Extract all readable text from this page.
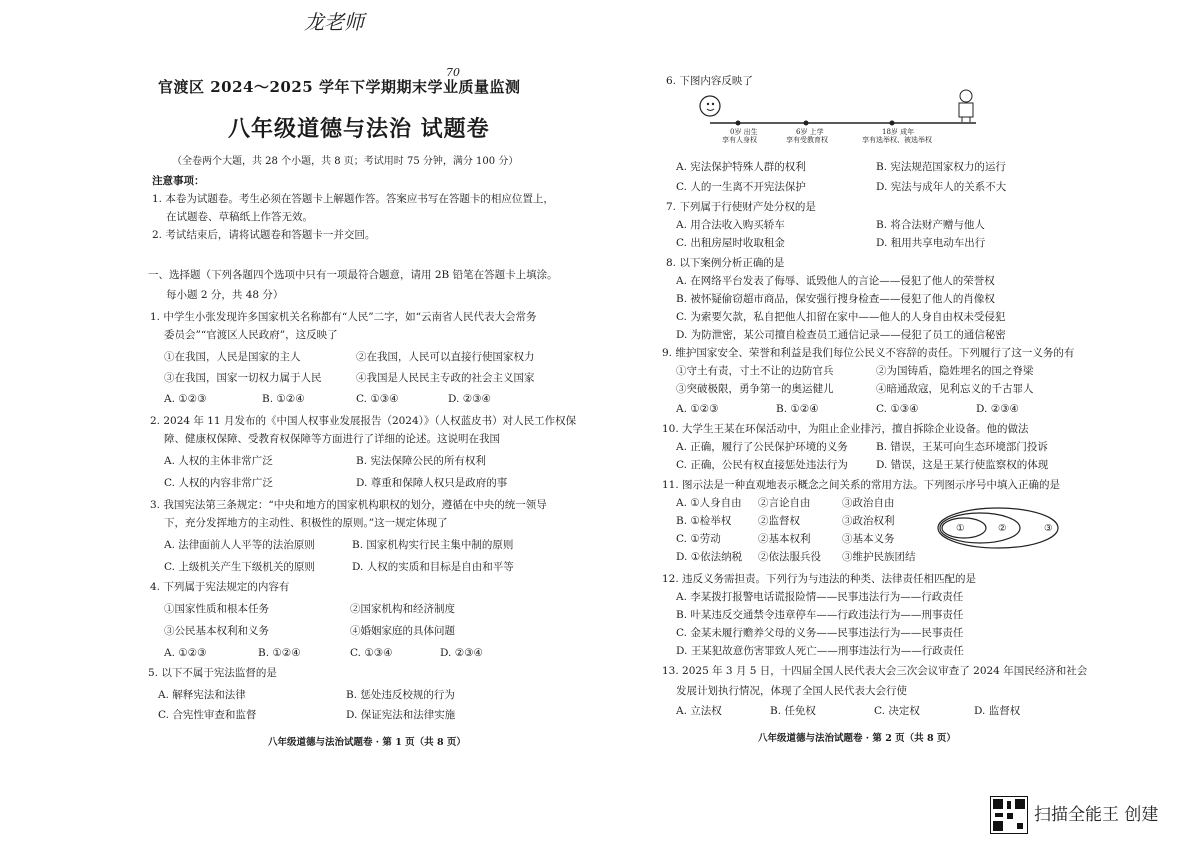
龙老师
70
官渡区 2024～2025 学年下学期期末学业质量监测
八年级道德与法治 试题卷
（全卷两个大题，共 28 个小题，共 8 页；考试用时 75 分钟，满分 100 分）
注意事项：
1. 本卷为试题卷。考生必须在答题卡上解题作答。答案应书写在答题卡的相应位置上，
在试题卷、草稿纸上作答无效。
2. 考试结束后，请将试题卷和答题卡一并交回。
一、选择题（下列各题四个选项中只有一项最符合题意，请用 2B 铅笔在答题卡上填涂。
每小题 2 分，共 48 分）
1. 中学生小张发现许多国家机关名称都有“人民”二字，如“云南省人民代表大会常务
委员会”“官渡区人民政府”，这反映了
①在我国，人民是国家的主人	②在我国，人民可以直接行使国家权力
③在我国，国家一切权力属于人民	④我国是人民民主专政的社会主义国家
A. ①②③	B. ①②④	C. ①③④	D. ②③④
2. 2024 年 11 月发布的《中国人权事业发展报告（2024）》（人权蓝皮书）对人民工作权保
障、健康权保障、受教育权保障等方面进行了详细的论述。这说明在我国
A. 人权的主体非常广泛	B. 宪法保障公民的所有权利
C. 人权的内容非常广泛	D. 尊重和保障人权只是政府的事
3. 我国宪法第三条规定：“中央和地方的国家机构职权的划分，遵循在中央的统一领导
下，充分发挥地方的主动性、积极性的原则。”这一规定体现了
A. 法律面前人人平等的法治原则	B. 国家机构实行民主集中制的原则
C. 上级机关产生下级机关的原则	D. 人权的实质和目标是自由和平等
4. 下列属于宪法规定的内容有
①国家性质和根本任务	②国家机构和经济制度
③公民基本权利和义务	④婚姻家庭的具体问题
A. ①②③	B. ①②④	C. ①③④	D. ②③④
5. 以下不属于宪法监督的是
A. 解释宪法和法律	B. 惩处违反校规的行为
C. 合宪性审查和监督	D. 保证宪法和法律实施
八年级道德与法治试题卷 · 第 1 页（共 8 页）
6. 下图内容反映了
0岁 出生
享有人身权
6岁 上学
享有受教育权
18岁 成年
享有选举权、被选举权
A. 宪法保护特殊人群的权利	B. 宪法规范国家权力的运行
C. 人的一生离不开宪法保护	D. 宪法与成年人的关系不大
7. 下列属于行使财产处分权的是
A. 用合法收入购买轿车	B. 将合法财产赠与他人
C. 出租房屋时收取租金	D. 租用共享电动车出行
8. 以下案例分析正确的是
A. 在网络平台发表了侮辱、诋毁他人的言论——侵犯了他人的荣誉权
B. 被怀疑偷窃超市商品，保安强行搜身检查——侵犯了他人的肖像权
C. 为索要欠款，私自把他人扣留在家中——他人的人身自由权未受侵犯
D. 为防泄密，某公司擅自检查员工通信记录——侵犯了员工的通信秘密
9. 维护国家安全、荣誉和利益是我们每位公民义不容辞的责任。下列履行了这一义务的有
①守土有责，寸土不让的边防官兵	②为国铸盾，隐姓埋名的国之脊梁
③突破极限，勇争第一的奥运健儿	④暗通敌寇，见利忘义的千古罪人
A. ①②③	B. ①②④	C. ①③④	D. ②③④
10. 大学生王某在环保活动中，为阻止企业排污，擅自拆除企业设备。他的做法
A. 正确，履行了公民保护环境的义务	B. 错误，王某可向生态环境部门投诉
C. 正确，公民有权直接惩处违法行为	D. 错误，这是王某行使监察权的体现
11. 图示法是一种直观地表示概念之间关系的常用方法。下列图示序号中填入正确的是
A. ①人身自由 ②言论自由	③政治自由
B. ①检举权	②监督权	③政治权利
C. ①劳动	②基本权利	③基本义务
D. ①依法纳税 ②依法服兵役 ③维护民族团结
①	②	③
12. 违反义务需担责。下列行为与违法的种类、法律责任相匹配的是
A. 李某拨打报警电话谎报险情——民事违法行为——行政责任
B. 叶某违反交通禁令违章停车——行政违法行为——刑事责任
C. 金某未履行赡养父母的义务——民事违法行为——民事责任
D. 王某犯故意伤害罪致人死亡——刑事违法行为——行政责任
13. 2025 年 3 月 5 日，十四届全国人民代表大会三次会议审查了 2024 年国民经济和社会
发展计划执行情况，体现了全国人民代表大会行使
A. 立法权	B. 任免权	C. 决定权	D. 监督权
八年级道德与法治试题卷 · 第 2 页（共 8 页）
扫描全能王 创建
